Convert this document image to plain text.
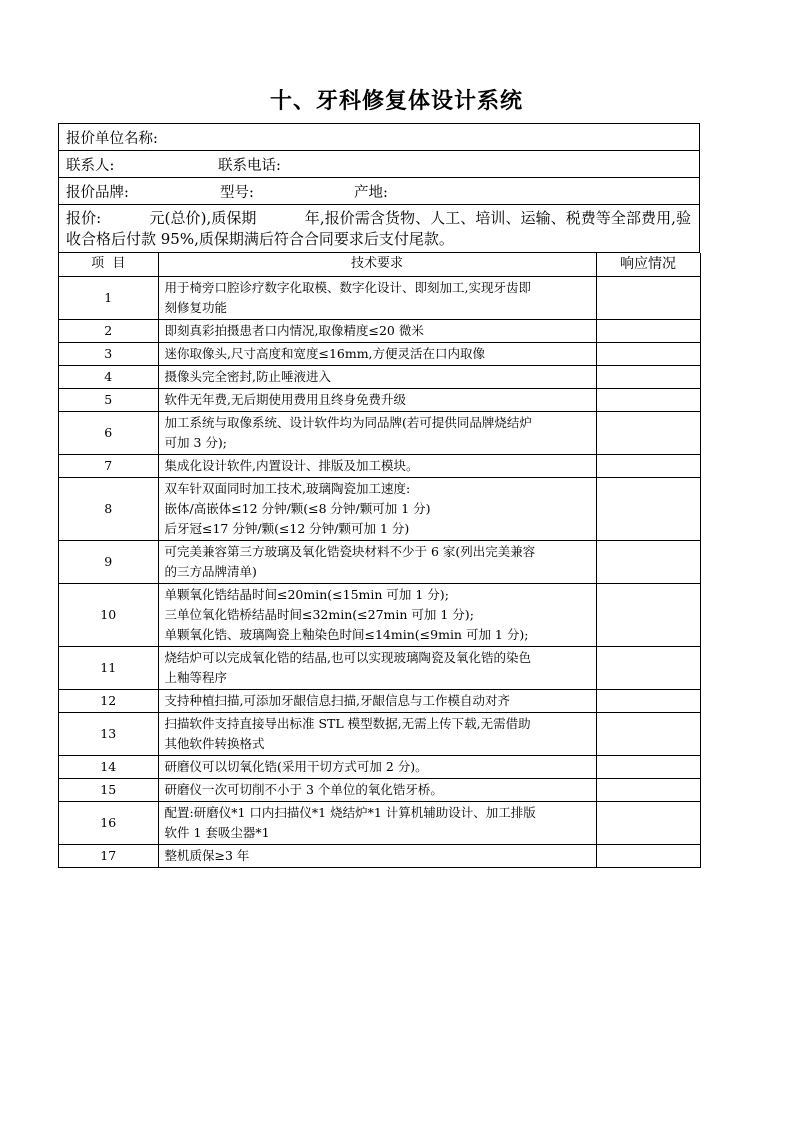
十、牙科修复体设计系统
报价单位名称:
联系人:	联系电话:
报价品牌:	型号:	产地:
报价:          元(总价),质保期          年,报价需含货物、人工、培训、运输、税费等全部费用,验收合格后付款 95%,质保期满后符合合同要求后支付尾款。
项  目	技术要求	响应情况
1	用于椅旁口腔诊疗数字化取模、数字化设计、即刻加工,实现牙齿即
刻修复功能	

2	即刻真彩拍摄患者口内情况,取像精度≤20 微米	

3	迷你取像头,尺寸高度和宽度≤16mm,方便灵活在口内取像	

4	摄像头完全密封,防止唾液进入	

5	软件无年费,无后期使用费用且终身免费升级	

6	加工系统与取像系统、设计软件均为同品牌(若可提供同品牌烧结炉
可加 3 分);	

7	集成化设计软件,内置设计、排版及加工模块。	

8	双车针双面同时加工技术,玻璃陶瓷加工速度:
嵌体/高嵌体≤12 分钟/颗(≤8 分钟/颗可加 1 分)
后牙冠≤17 分钟/颗(≤12 分钟/颗可加 1 分)	

9	可完美兼容第三方玻璃及氧化锆瓷块材料不少于 6 家(列出完美兼容
的三方品牌清单)	

10	单颗氧化锆结晶时间≤20min(≤15min 可加 1 分);
三单位氧化锆桥结晶时间≤32min(≤27min 可加 1 分);
单颗氧化锆、玻璃陶瓷上釉染色时间≤14min(≤9min 可加 1 分);	

11	烧结炉可以完成氧化锆的结晶,也可以实现玻璃陶瓷及氧化锆的染色
上釉等程序	

12	支持种植扫描,可添加牙龈信息扫描,牙龈信息与工作模自动对齐	

13	扫描软件支持直接导出标准 STL 模型数据,无需上传下载,无需借助
其他软件转换格式	

14	研磨仪可以切氧化锆(采用干切方式可加 2 分)。	

15	研磨仪一次可切削不小于 3 个单位的氧化锆牙桥。	

16	配置:研磨仪*1 口内扫描仪*1 烧结炉*1 计算机辅助设计、加工排版
软件 1 套吸尘器*1	

17	整机质保≥3 年	
